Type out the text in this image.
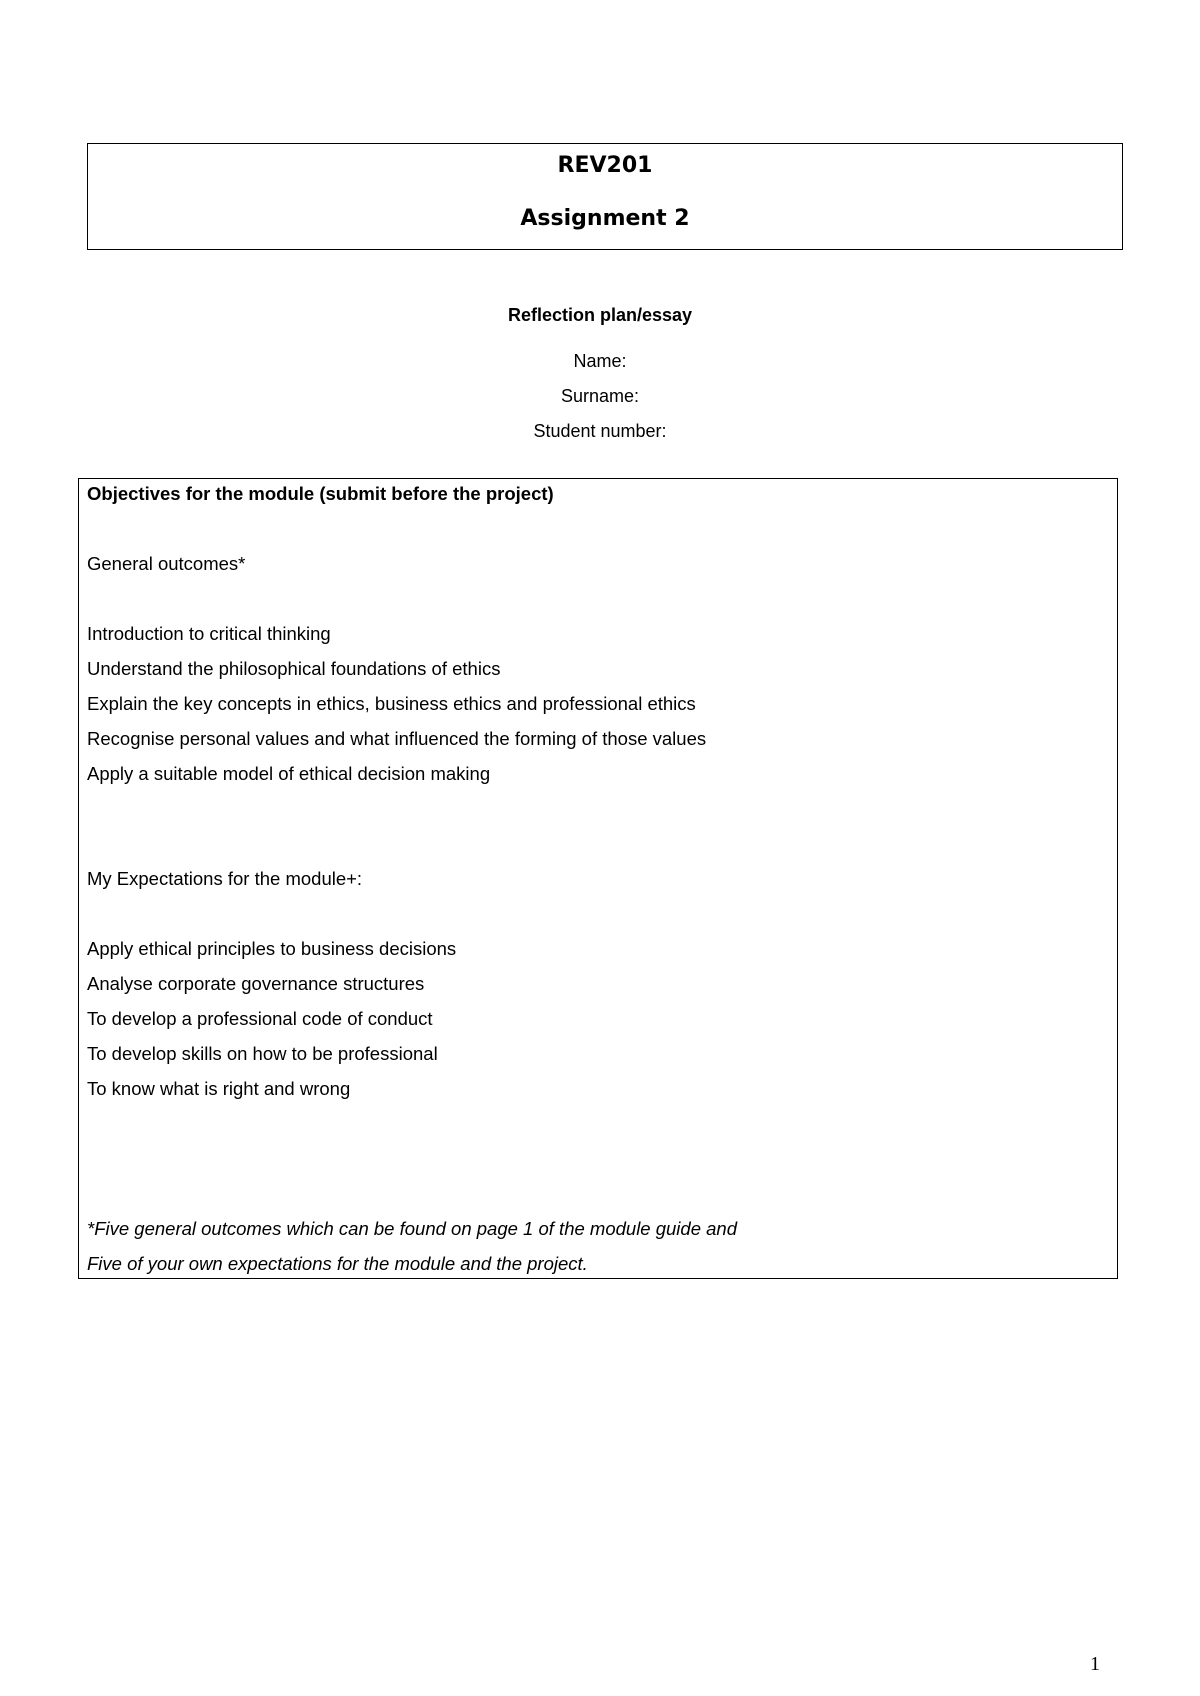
REV201
Assignment 2
Reflection plan/essay
Name:
Surname:
Student number:
Objectives for the module (submit before the project)
General outcomes*
Introduction to critical thinking
Understand the philosophical foundations of ethics
Explain the key concepts in ethics, business ethics and professional ethics
Recognise personal values and what influenced the forming of those values
Apply a suitable model of ethical decision making
My Expectations for the module+:
Apply ethical principles to business decisions
Analyse corporate governance structures
To develop a professional code of conduct
To develop skills on how to be professional
To know what is right and wrong
*Five general outcomes which can be found on page 1 of the module guide and
Five of your own expectations for the module and the project.
1
